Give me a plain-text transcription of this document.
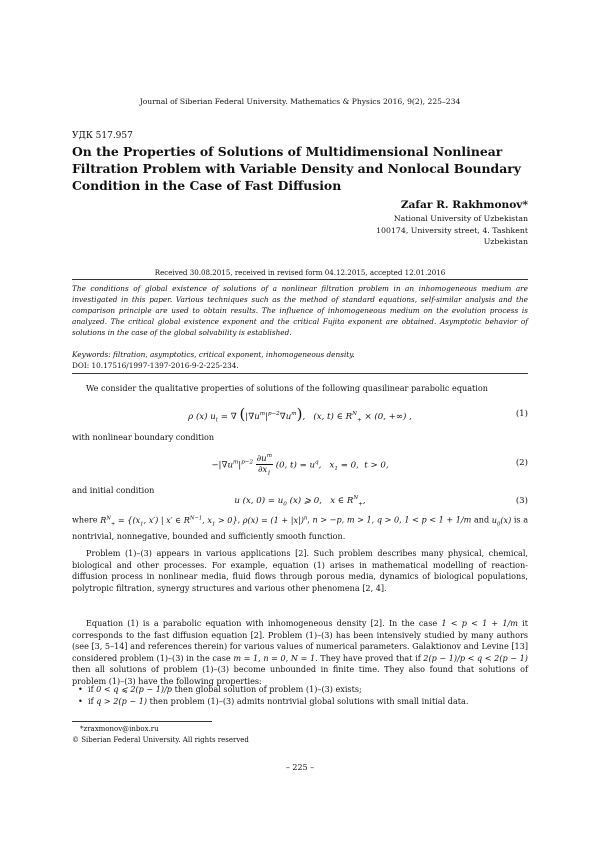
Journal of Siberian Federal University. Mathematics & Physics 2016, 9(2), 225–234
УДК 517.957
On the Properties of Solutions of Multidimensional Nonlinear Filtration Problem with Variable Density and Nonlocal Boundary Condition in the Case of Fast Diffusion
Zafar R. Rakhmonov*
National University of Uzbekistan
100174, University street, 4. Tashkent
Uzbekistan
Received 30.08.2015, received in revised form 04.12.2015, accepted 12.01.2016
The conditions of global existence of solutions of a nonlinear filtration problem in an inhomogeneous medium are investigated in this paper. Various techniques such as the method of standard equations, self-similar analysis and the comparison principle are used to obtain results. The influence of inhomogeneous medium on the evolution process is analyzed. The critical global existence exponent and the critical Fujita exponent are obtained. Asymptotic behavior of solutions in the case of the global solvability is established.
Keywords: filtration, asymptotics, critical exponent, inhomogeneous density.
DOI: 10.17516/1997-1397-2016-9-2-225-234.
We consider the qualitative properties of solutions of the following quasilinear parabolic equation
ρ (x) $u_t$ = ∇ $(|\nabla u^m|^{p-2}\nabla u^m)$,   (x, t) ∈ $R^N_+ \times (0$, +∞) ,	(1)
with nonlinear boundary condition
$-|\nabla u^m|^{p-2} \frac{\partial u^m}{\partial x_1} (0$, $t) = u^q$,   $x_1 = 0$,  t > 0,	(2)
and initial condition
u (x, $0) = u_0$ (x) ⩾ 0,   x ∈ $R^N_+$,	(3)
where $R^N_+ = \{(x_1$, x′) | x′ ∈ $R^{N-1}$, $x_1 > 0$}, $\rho(x) = (1 + |x|)^n$, n > −p, m > 1, q > 0, 1 < p < 1 + 1/m and $u_0(x)$ is a nontrivial, nonnegative, bounded and sufficiently smooth function.
Problem (1)–(3) appears in various applications [2]. Such problem describes many physical, chemical, biological and other processes. For example, equation (1) arises in mathematical modelling of reaction-diffusion process in nonlinear media, fluid flows through porous media, dynamics of biological populations, polytropic filtration, synergy structures and various other phenomena [2, 4].
Equation (1) is a parabolic equation with inhomogeneous density [2]. In the case 1 < p < 1 + 1/m it corresponds to the fast diffusion equation [2]. Problem (1)–(3) has been intensively studied by many authors (see [3, 5–14] and references therein) for various values of numerical parameters. Galaktionov and Levine [13] considered problem (1)–(3) in the case m = 1, n = 0, N = 1. They have proved that if 2(p − 1)/p < q < 2(p − 1) then all solutions of problem (1)–(3) become unbounded in finite time. They also found that solutions of problem (1)–(3) have the following properties:
• if 0 < q ⩽ 2(p − 1)/p then global solution of problem (1)–(3) exists;
• if q > 2(p − 1) then problem (1)–(3) admits nontrivial global solutions with small initial data.
*zraxmonov@inbox.ru
© Siberian Federal University. All rights reserved
– 225 –
